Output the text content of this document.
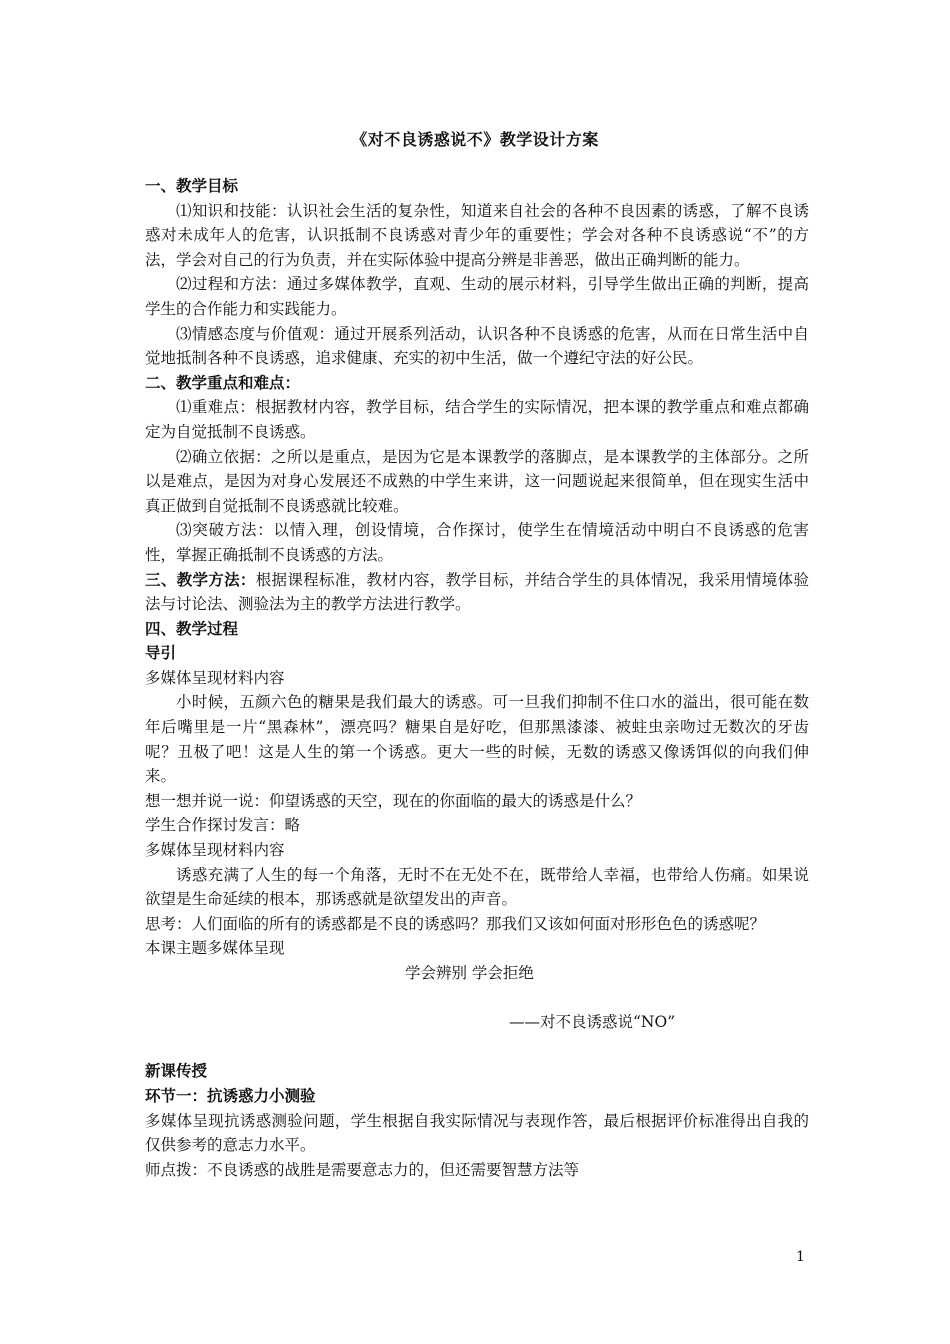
《对不良诱惑说不》教学设计方案

一、教学目标

⑴知识和技能：认识社会生活的复杂性，知道来自社会的各种不良因素的诱惑，了解不良诱惑对未成年人的危害，认识抵制不良诱惑对青少年的重要性；学会对各种不良诱惑说“不”的方法，学会对自己的行为负责，并在实际体验中提高分辨是非善恶，做出正确判断的能力。

⑵过程和方法：通过多媒体教学，直观、生动的展示材料，引导学生做出正确的判断，提高学生的合作能力和实践能力。

⑶情感态度与价值观：通过开展系列活动，认识各种不良诱惑的危害，从而在日常生活中自觉地抵制各种不良诱惑，追求健康、充实的初中生活，做一个遵纪守法的好公民。

二、教学重点和难点：

⑴重难点：根据教材内容，教学目标，结合学生的实际情况，把本课的教学重点和难点都确定为自觉抵制不良诱惑。

⑵确立依据：之所以是重点，是因为它是本课教学的落脚点，是本课教学的主体部分。之所以是难点，是因为对身心发展还不成熟的中学生来讲，这一问题说起来很简单，但在现实生活中真正做到自觉抵制不良诱惑就比较难。

⑶突破方法：以情入理，创设情境，合作探讨，使学生在情境活动中明白不良诱惑的危害性，掌握正确抵制不良诱惑的方法。

三、教学方法：根据课程标准，教材内容，教学目标，并结合学生的具体情况，我采用情境体验法与讨论法、测验法为主的教学方法进行教学。

四、教学过程

导引

多媒体呈现材料内容

小时候，五颜六色的糖果是我们最大的诱惑。可一旦我们抑制不住口水的溢出，很可能在数年后嘴里是一片“黑森林”，漂亮吗？糖果自是好吃，但那黑漆漆、被蛀虫亲吻过无数次的牙齿呢？丑极了吧！这是人生的第一个诱惑。更大一些的时候，无数的诱惑又像诱饵似的向我们伸来。

想一想并说一说：仰望诱惑的天空，现在的你面临的最大的诱惑是什么？

学生合作探讨发言：略

多媒体呈现材料内容

诱惑充满了人生的每一个角落，无时不在无处不在，既带给人幸福，也带给人伤痛。如果说欲望是生命延续的根本，那诱惑就是欲望发出的声音。

思考：人们面临的所有的诱惑都是不良的诱惑吗？那我们又该如何面对形形色色的诱惑呢？

本课主题多媒体呈现

学会辨别 学会拒绝

——对不良诱惑说“NO”

新课传授

环节一：抗诱惑力小测验

多媒体呈现抗诱惑测验问题，学生根据自我实际情况与表现作答，最后根据评价标准得出自我的仅供参考的意志力水平。

师点拨：不良诱惑的战胜是需要意志力的，但还需要智慧方法等

1
